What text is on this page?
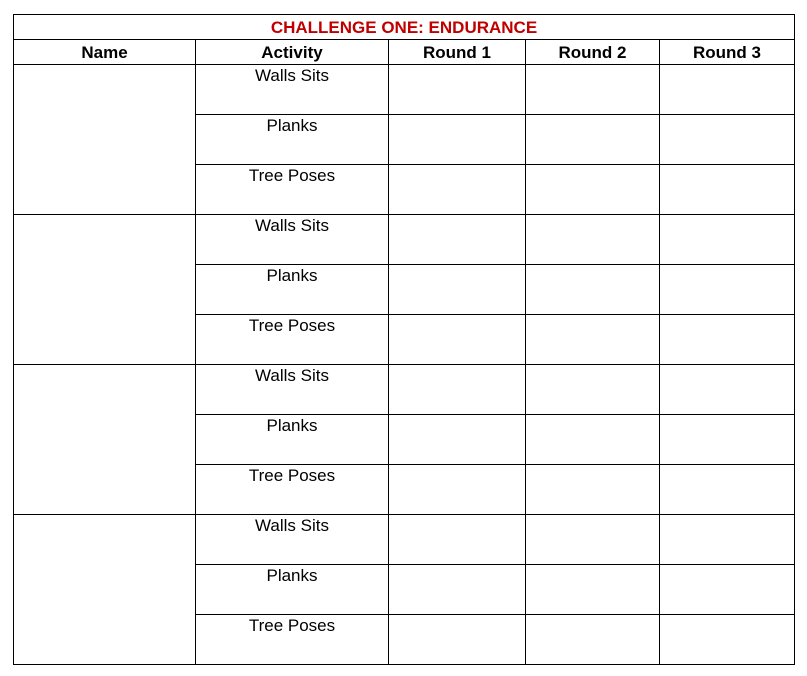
CHALLENGE ONE: ENDURANCE				
Name	Activity	Round 1	Round 2	Round 3
	Walls Sits			
	Planks			
	Tree Poses			
	Walls Sits			
	Planks			
	Tree Poses			
	Walls Sits			
	Planks			
	Tree Poses			
	Walls Sits			
	Planks			
	Tree Poses			
